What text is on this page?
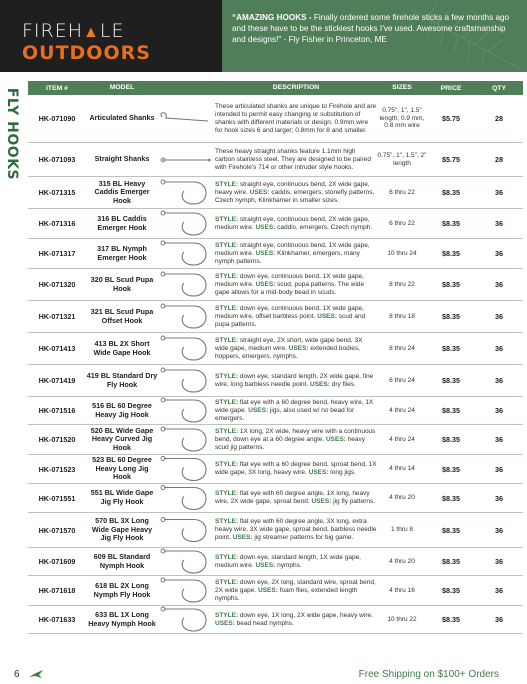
FIREH▲LE
OUTDOORS

“AMAZING HOOKS - Finally ordered some firehole sticks a few months ago and these have to be the stickiest hooks I've used. Awesome craftsmanship and designs!" - Fly Fisher in Princeton, ME

FLY HOOKS	ITEM #	MODEL	DESCRIPTION	SIZES	PRICE	QTY
HK-071090	Articulated Shanks
These articulated shanks are unique to Firehole and are intended to permit easy changing or substitution of shanks with different materials or design. 0.9mm wire for hook sizes 6 and larger; 0.8mm for 8 and smaller.
0.75", 1", 1.5" length; 0.9 mm, 0.8 mm wire
$5.75	28
HK-071093	Straight Shanks
These heavy straight shanks feature 1.1mm high carbon stainless steel. They are designed to be paired with Firehole's 714 or other intruder style hooks.
0.75", 1", 1.5", 2" length	$5.75	28
HK-071315
315 BL Heavy Caddis Emerger Hook
STYLE: straight eye, continuous bend, 2X wide gape, heavy wire. USES: caddis, emergers, stonefly patterns, Czech nymph, Klinkhamer in smaller sizes.
6 thru 22	$8.35	36
HK-071316
316 BL Caddis Emerger Hook
STYLE: straight eye, continuous bend, 2X wide gape, medium wire. USES: caddis, emergers, Czech nymph.
6 thru 22	$8.35	36
HK-071317
317 BL Nymph Emerger Hook
STYLE: straight eye, continuous bend, 1X wide gape, medium wire. USES: Klinkhamer, emergers, many nymph patterns.
10 thru 24	$8.35	36
HK-071320
320 BL Scud Pupa Hook
STYLE: down eye, continuous bend, 1X wide gape, medium wire. USES: scud, pupa patterns. The wide gape allows for a mid-body bead in scuds.
8 thru 22	$8.35	36
HK-071321
321 BL Scud Pupa Offset Hook
STYLE: down eye, continuous bend, 1X wide gape, medium wire, offset barbless point. USES: scud and pupa patterns.
8 thru 18	$8.35	36
HK-071413
413 BL 2X Short Wide Gape Hook
STYLE: straight eye, 2X short, wide gape bend, 3X wide gape, medium wire. USES: extended bodies, hoppers, emergers, nymphs.
8 thru 24	$8.35	36
HK-071419
419 BL Standard Dry Fly Hook
STYLE: down eye, standard length, 2X wide gape, fine wire, long barbless needle point. USES: dry flies.
6 thru 24	$8.35	36
HK-071516
516 BL 60 Degree Heavy Jig Hook
STYLE: flat eye with a 60 degree bend, heavy wire, 1X wide gape. USES: jigs, also used w/ no bead for emergers.
4 thru 24	$8.35	36
HK-071520
520 BL Wide Gape Heavy Curved Jig Hook
STYLE: 1X long, 2X wide, heavy wire with a continuous bend, down eye at a 60 degree angle. USES: heavy scud jig patterns.
4 thru 24	$8.35	36
HK-071523
523 BL 60 Degree Heavy Long Jig Hook
STYLE: flat eye with a 60 degree bend, sproat bend, 1X wide gape, 3X long, heavy wire. USES: long jigs.
4 thru 14	$8.35	36
HK-071551
551 BL Wide Gape Jig Fly Hook
STYLE: flat eye with 60 degree angle, 1X long, heavy wire, 2X wide gape, sproat bend. USES: jig fly patterns.
4 thru 20	$8.35	36
HK-071570
570 BL 3X Long Wide Gape Heavy Jig Fly Hook
STYLE: flat eye with 60 degree angle, 3X long, extra heavy wire, 3X wide gape, sproat bend, barbless needle point. USES: jig streamer patterns for big game.
1 thru 8	$8.35	36
HK-071609
609 BL Standard Nymph Hook
STYLE: down eye, standard length, 1X wide gape, medium wire. USES: nymphs.
4 thru 20	$8.35	36
HK-071618
618 BL 2X Long Nymph Fly Hook
STYLE: down eye, 2X long, standard wire, sproat bend, 2X wide gape. USES: foam flies, extended length nymphs.
4 thru 16	$8.35	36
HK-071633
633 BL 1X Long Heavy Nymph Hook
STYLE: down eye, 1X long, 2X wide gape, heavy wire. USES: bead head nymphs.
10 thru 22	$8.35	36
6	Free Shipping on $100+ Orders
